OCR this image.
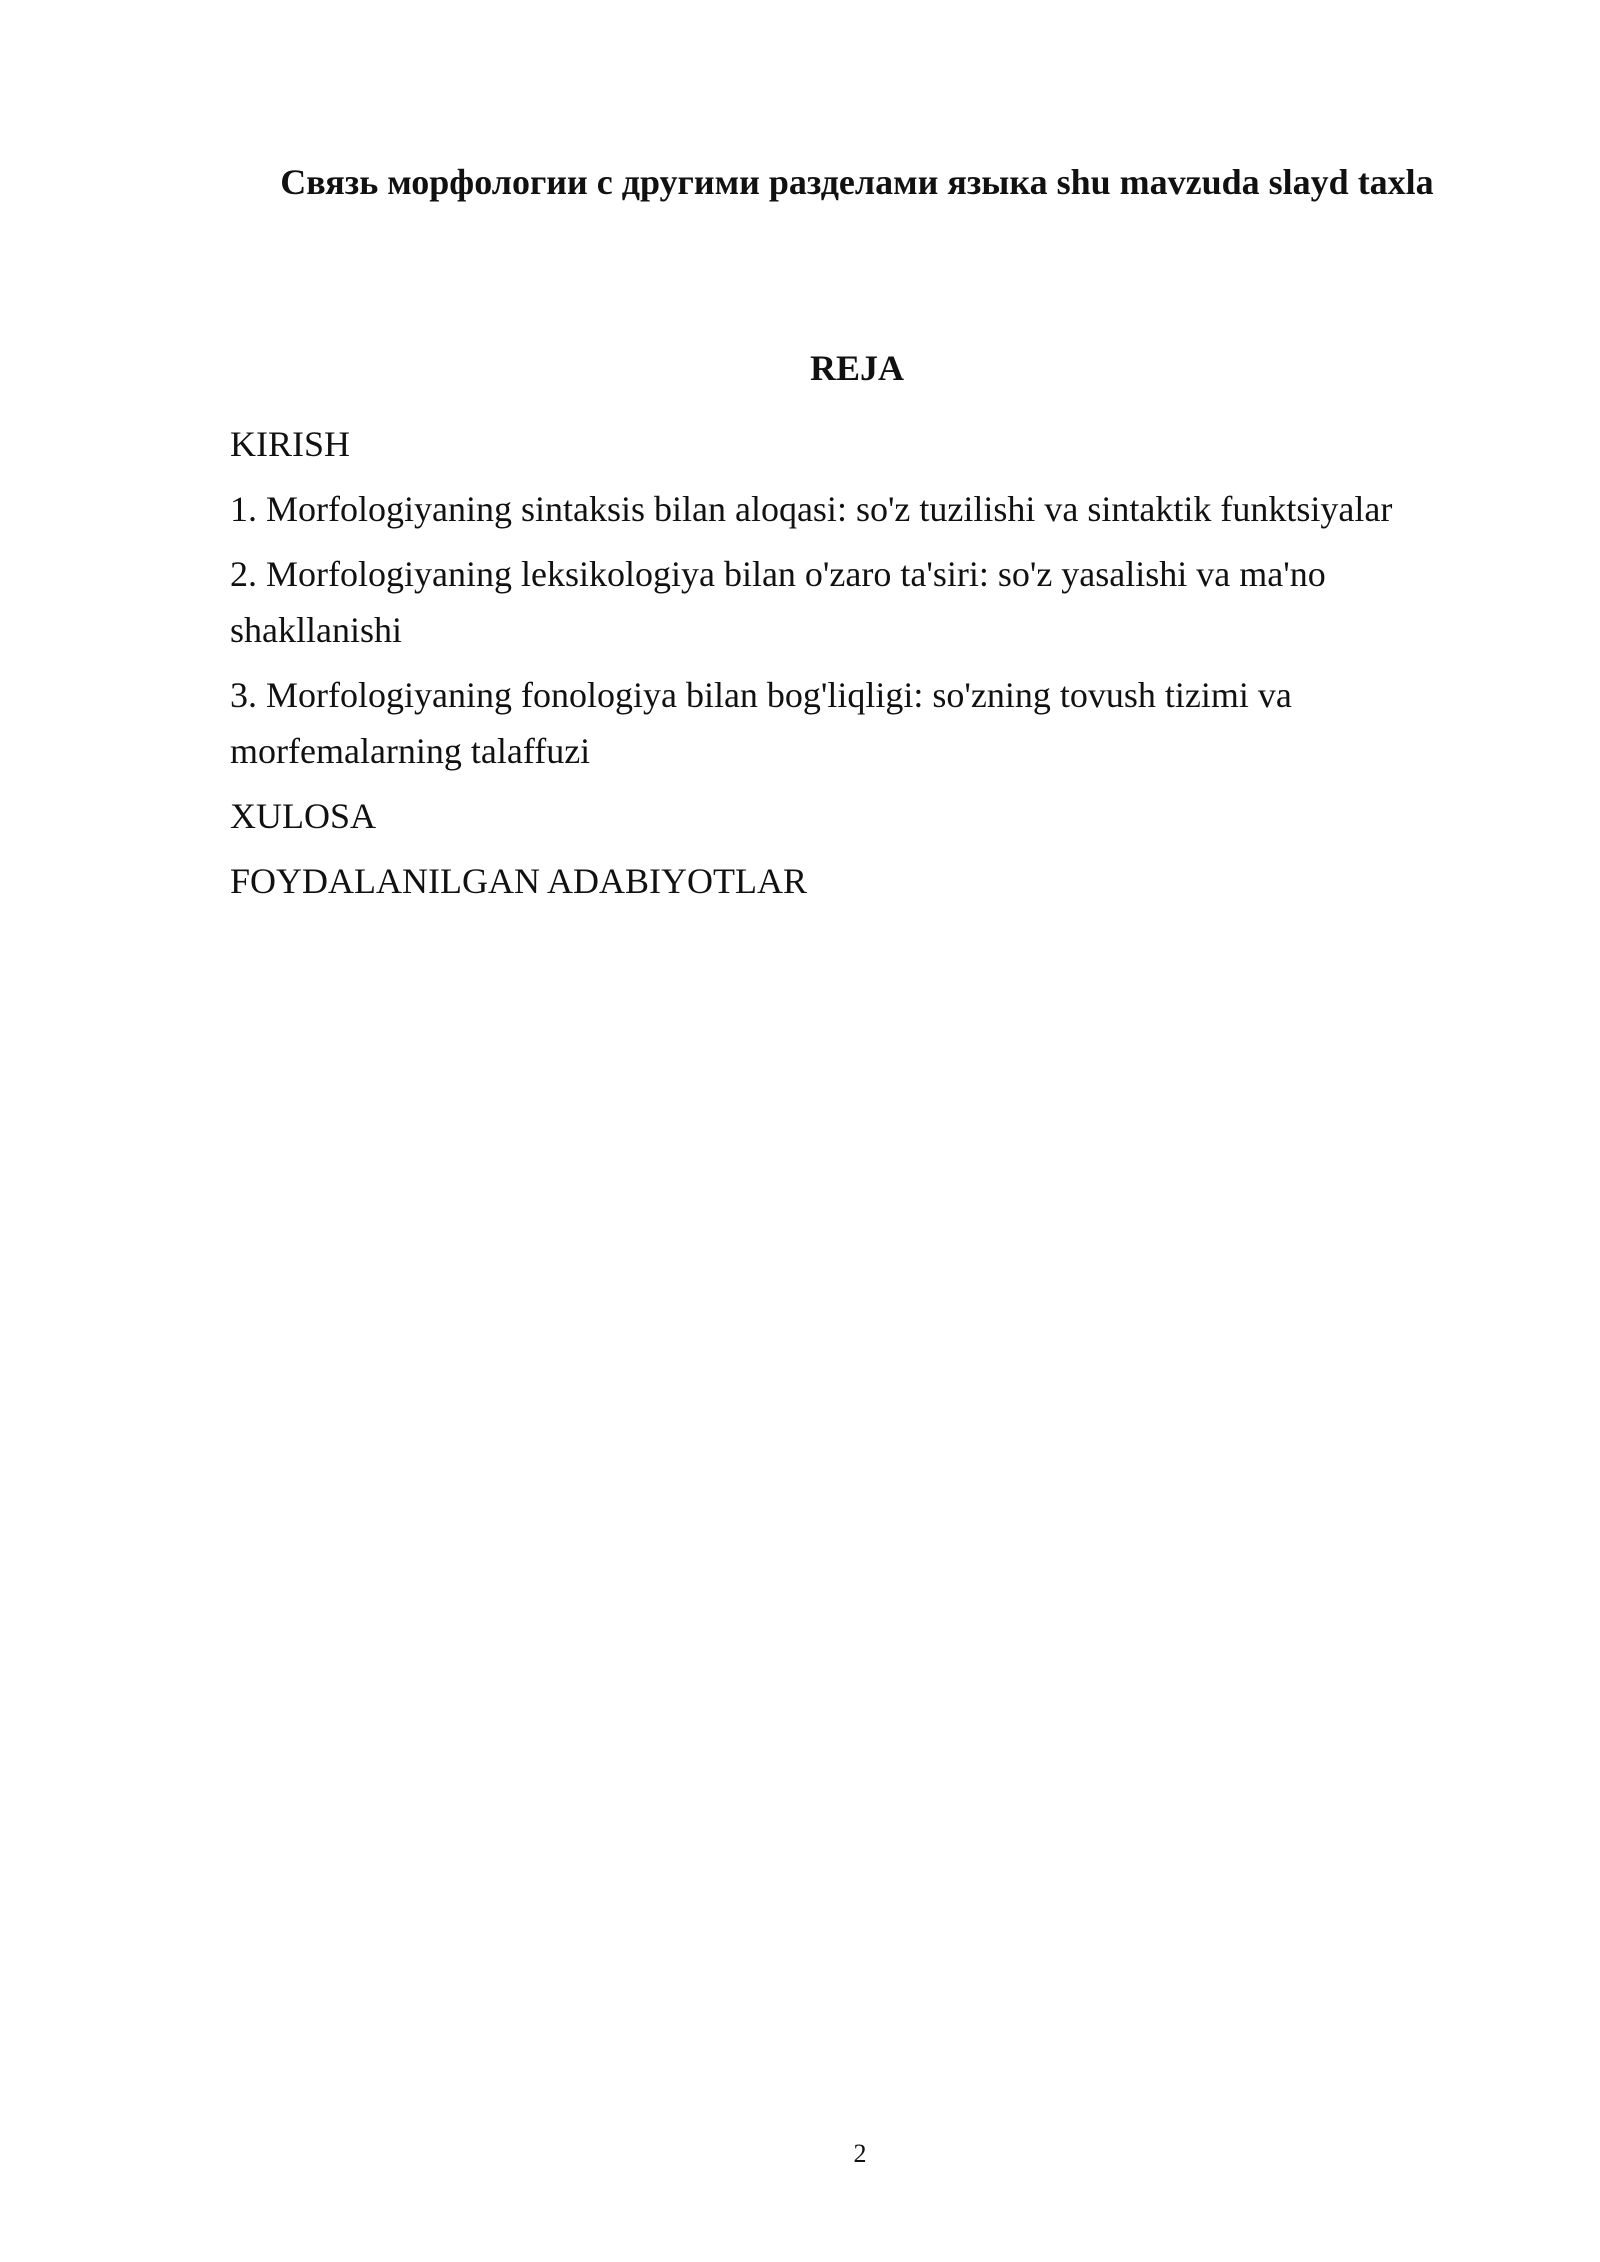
Связь морфологии с другими разделами языка shu mavzuda slayd taxla
REJA
KIRISH
1. Morfologiyaning sintaksis bilan aloqasi: so'z tuzilishi va sintaktik funktsiyalar
2. Morfologiyaning leksikologiya bilan o'zaro ta'siri: so'z yasalishi va ma'no shakllanishi
3. Morfologiyaning fonologiya bilan bog'liqligi: so'zning tovush tizimi va morfemalarning talaffuzi
XULOSA
FOYDALANILGAN ADABIYOTLAR
2
